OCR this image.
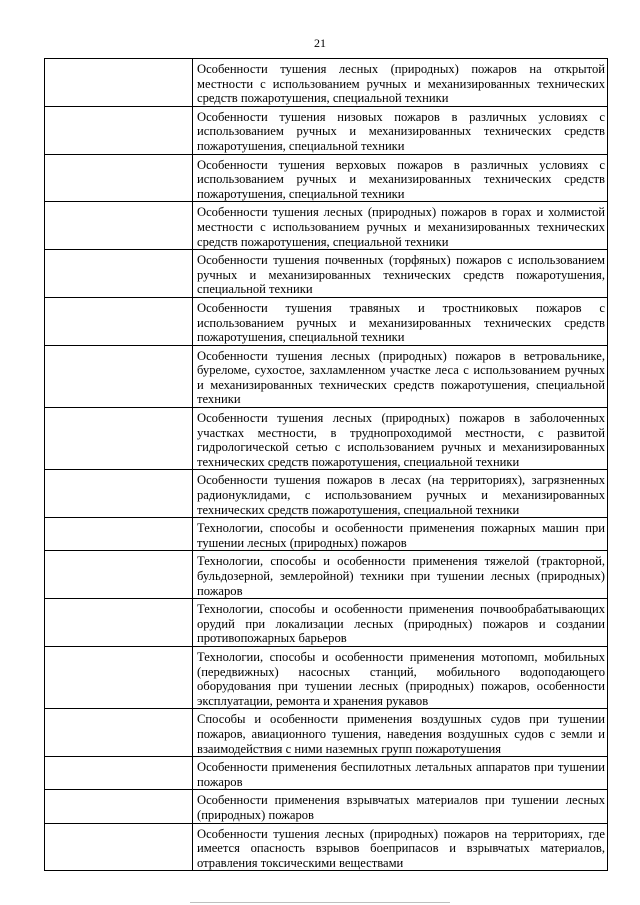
21

	Особенности тушения лесных (природных) пожаров на открытой местности с использованием ручных и механизированных технических средств пожаротушения, специальной техники

	Особенности тушения низовых пожаров в различных условиях с использованием ручных и механизированных технических средств пожаротушения, специальной техники

	Особенности тушения верховых пожаров в различных условиях с использованием ручных и механизированных технических средств пожаротушения, специальной техники

	Особенности тушения лесных (природных) пожаров в горах и холмистой местности с использованием ручных и механизированных технических средств пожаротушения, специальной техники

	Особенности тушения почвенных (торфяных) пожаров с использованием ручных и механизированных технических средств пожаротушения, специальной техники

	Особенности тушения травяных и тростниковых пожаров с использованием ручных и механизированных технических средств пожаротушения, специальной техники

	Особенности тушения лесных (природных) пожаров в ветровальнике, буреломе, сухостое, захламленном участке леса с использованием ручных и механизированных технических средств пожаротушения, специальной техники

	Особенности тушения лесных (природных) пожаров в заболоченных участках местности, в труднопроходимой местности, с развитой гидрологической сетью с использованием ручных и механизированных технических средств пожаротушения, специальной техники

	Особенности тушения пожаров в лесах (на территориях), загрязненных радионуклидами, с использованием ручных и механизированных технических средств пожаротушения, специальной техники

	Технологии, способы и особенности применения пожарных машин при тушении лесных (природных) пожаров

	Технологии, способы и особенности применения тяжелой (тракторной, бульдозерной, землеройной) техники при тушении лесных (природных) пожаров

	Технологии, способы и особенности применения почвообрабатывающих орудий при локализации лесных (природных) пожаров и создании противопожарных барьеров

	Технологии, способы и особенности применения мотопомп, мобильных (передвижных) насосных станций, мобильного водоподающего оборудования при тушении лесных (природных) пожаров, особенности эксплуатации, ремонта и хранения рукавов

	Способы и особенности применения воздушных судов при тушении пожаров, авиационного тушения, наведения воздушных судов с земли и взаимодействия с ними наземных групп пожаротушения

	Особенности применения беспилотных летальных аппаратов при тушении пожаров

	Особенности применения взрывчатых материалов при тушении лесных (природных) пожаров

	Особенности тушения лесных (природных) пожаров на территориях, где имеется опасность взрывов боеприпасов и взрывчатых материалов, отравления токсическими веществами
